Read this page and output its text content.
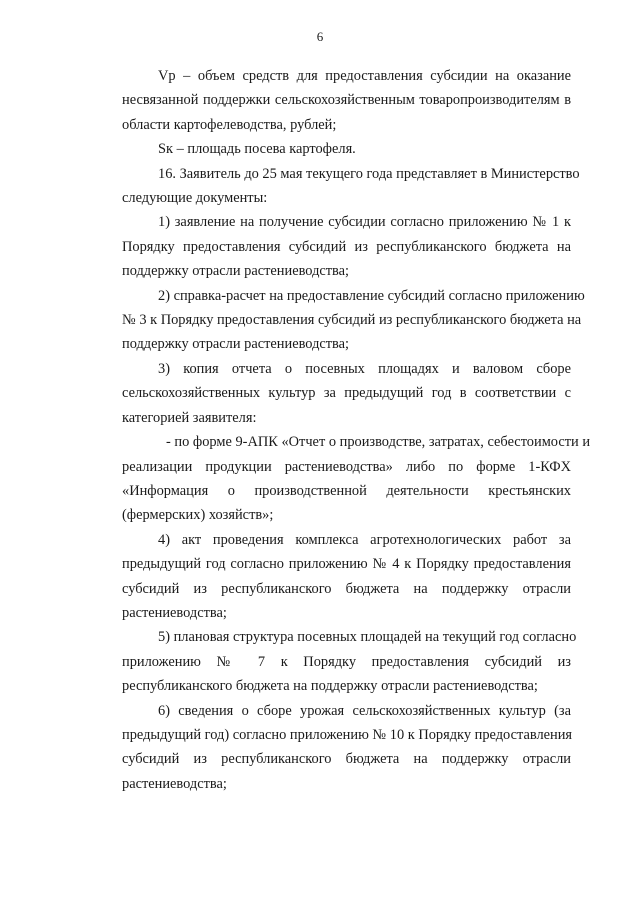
6
Vp – объем средств для предоставления субсидии на оказание
несвязанной поддержки сельскохозяйственным товаропроизводителям в
области картофелеводства, рублей;
Sк – площадь посева картофеля.
16. Заявитель до 25 мая текущего года представляет в Министерство
следующие документы:
1) заявление на получение субсидии согласно приложению № 1 к
Порядку предоставления субсидий из республиканского бюджета на
поддержку отрасли растениеводства;
2) справка-расчет на предоставление субсидий согласно приложению
№ 3 к Порядку предоставления субсидий из республиканского бюджета на
поддержку отрасли растениеводства;
3) копия отчета о посевных площадях и валовом сборе
сельскохозяйственных культур за предыдущий год в соответствии с
категорией заявителя:
- по форме 9-АПК «Отчет о производстве, затратах, себестоимости и
реализации продукции растениеводства» либо по форме 1-КФХ
«Информация о производственной деятельности крестьянских
(фермерских) хозяйств»;
4) акт проведения комплекса агротехнологических работ за
предыдущий год согласно приложению № 4 к Порядку предоставления
субсидий из республиканского бюджета на поддержку отрасли
растениеводства;
5) плановая структура посевных площадей на текущий год согласно
приложению № 7 к Порядку предоставления субсидий из
республиканского бюджета на поддержку отрасли растениеводства;
6) сведения о сборе урожая сельскохозяйственных культур (за
предыдущий год) согласно приложению № 10 к Порядку предоставления
субсидий из республиканского бюджета на поддержку отрасли
растениеводства;
